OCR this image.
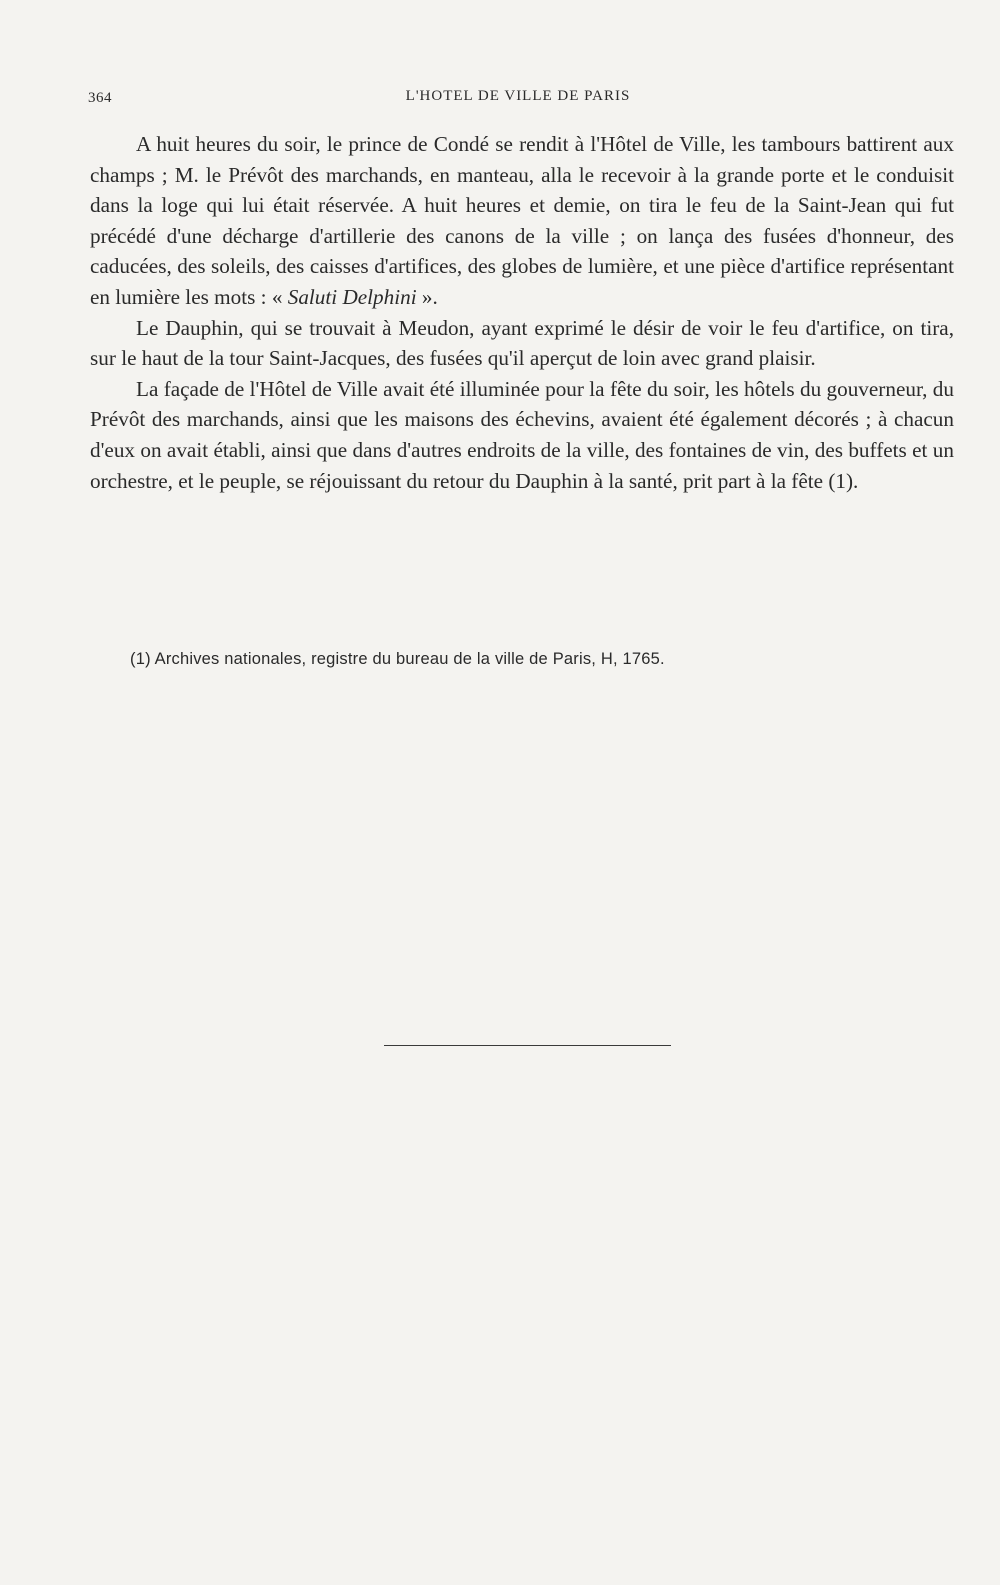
364	L'HOTEL DE VILLE DE PARIS

A huit heures du soir, le prince de Condé se rendit à l'Hôtel de Ville, les tambours battirent aux champs ; M. le Prévôt des marchands, en manteau, alla le recevoir à la grande porte et le conduisit dans la loge qui lui était réservée. A huit heures et demie, on tira le feu de la Saint-Jean qui fut précédé d'une décharge d'artillerie des canons de la ville ; on lança des fusées d'honneur, des caducées, des soleils, des caisses d'artifices, des globes de lumière, et une pièce d'artifice représentant en lumière les mots : « Saluti Delphini ».

Le Dauphin, qui se trouvait à Meudon, ayant exprimé le désir de voir le feu d'artifice, on tira, sur le haut de la tour Saint-Jacques, des fusées qu'il aperçut de loin avec grand plaisir.

La façade de l'Hôtel de Ville avait été illuminée pour la fête du soir, les hôtels du gouverneur, du Prévôt des marchands, ainsi que les maisons des échevins, avaient été également décorés ; à chacun d'eux on avait établi, ainsi que dans d'autres endroits de la ville, des fontaines de vin, des buffets et un orchestre, et le peuple, se réjouissant du retour du Dauphin à la santé, prit part à la fête (1).

(1) Archives nationales, registre du bureau de la ville de Paris, H, 1765.
